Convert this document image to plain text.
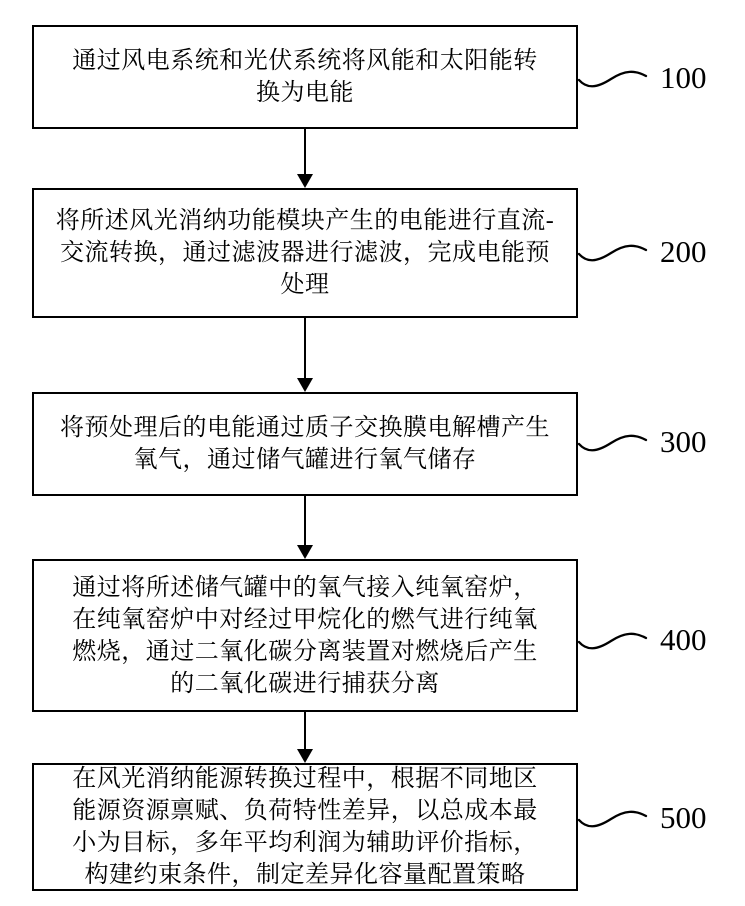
通过风电系统和光伏系统将风能和太阳能转
换为电能	100
将所述风光消纳功能模块产生的电能进行直流-
交流转换，通过滤波器进行滤波，完成电能预
处理
200
将预处理后的电能通过质子交换膜电解槽产生
氧气，通过储气罐进行氧气储存
300
通过将所述储气罐中的氧气接入纯氧窑炉，
在纯氧窑炉中对经过甲烷化的燃气进行纯氧
燃烧，通过二氧化碳分离装置对燃烧后产生
的二氧化碳进行捕获分离
400
在风光消纳能源转换过程中，根据不同地区
能源资源禀赋、负荷特性差异，以总成本最
小为目标，多年平均利润为辅助评价指标，
构建约束条件，制定差异化容量配置策略
500
